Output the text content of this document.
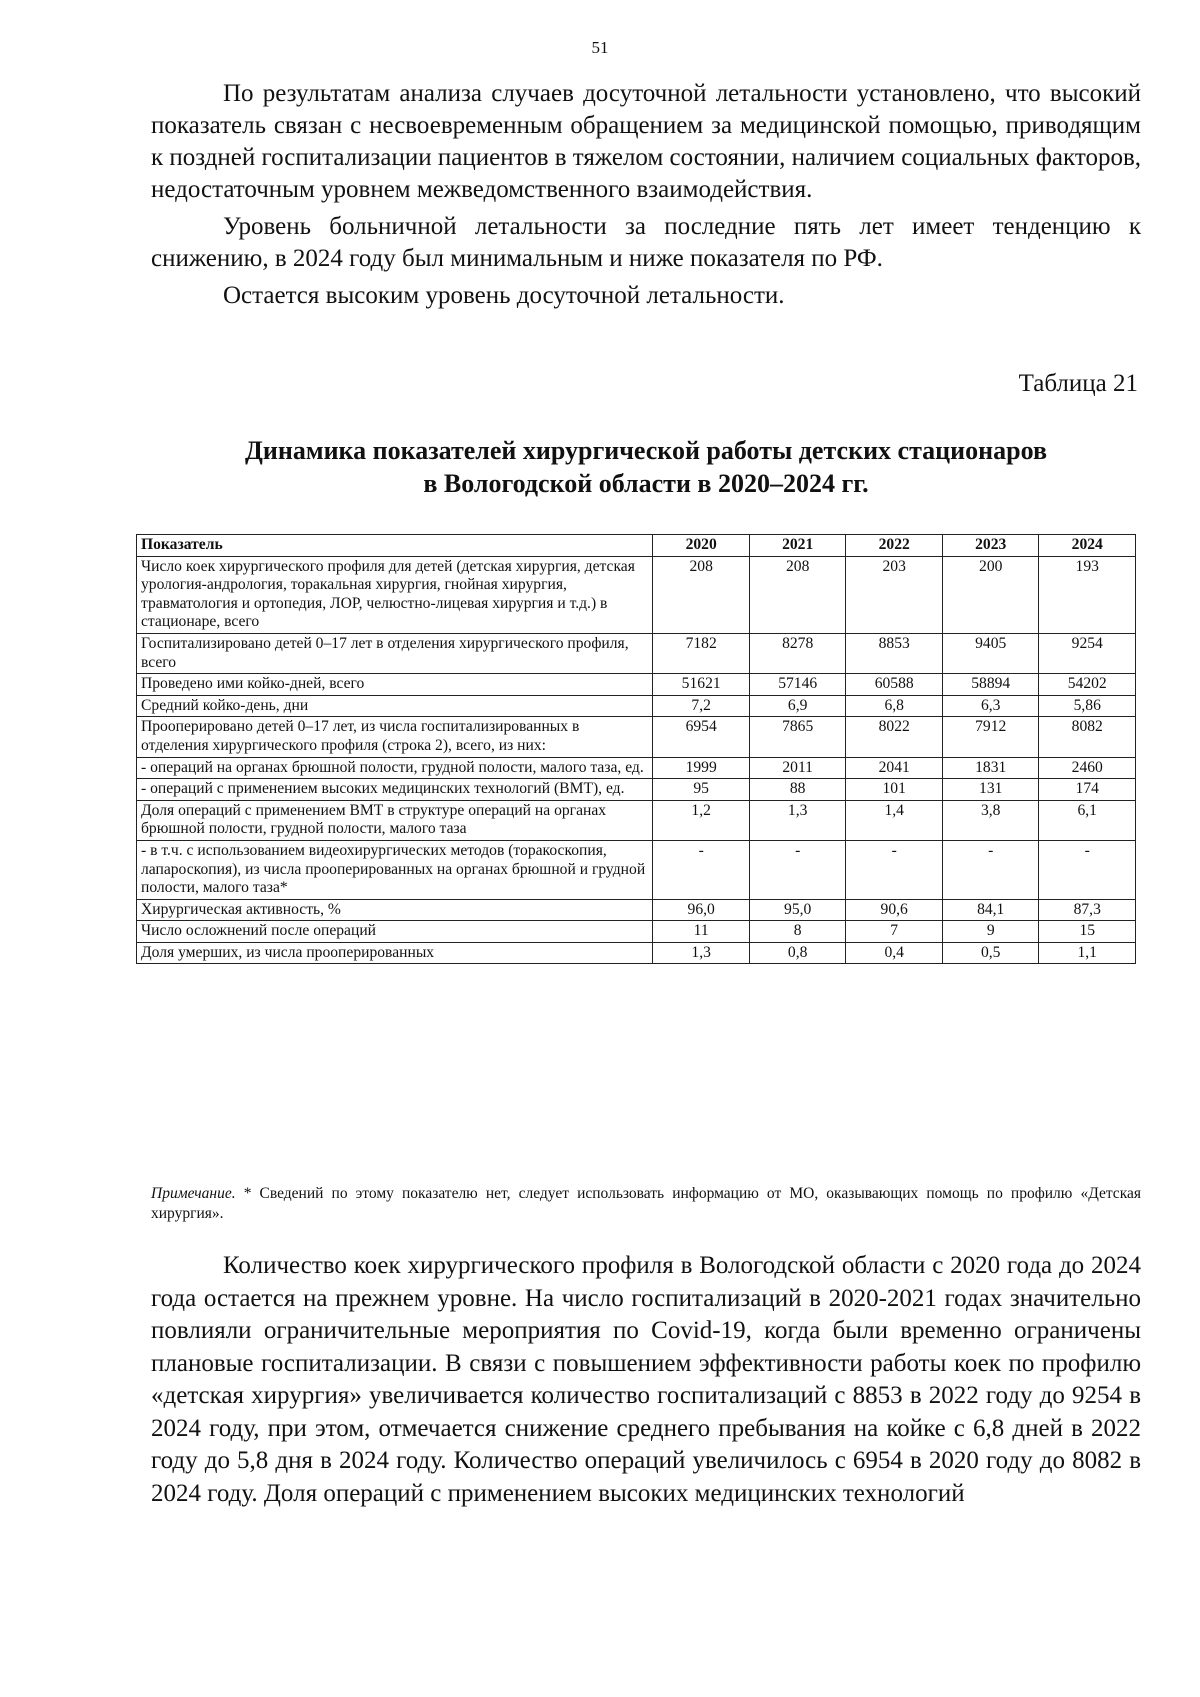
51

По результатам анализа случаев досуточной летальности установлено, что высокий показатель связан с несвоевременным обращением за медицинской помощью, приводящим к поздней госпитализации пациентов в тяжелом состоянии, наличием социальных факторов, недостаточным уровнем межведомственного взаимодействия.

Уровень больничной летальности за последние пять лет имеет тенденцию к снижению, в 2024 году был минимальным и ниже показателя по РФ.

Остается высоким уровень досуточной летальности.

Таблица 21
Динамика показателей хирургической работы детских стационаров
в Вологодской области в 2020–2024 гг.
Показатель	2020	2021	2022	2023	2024
Число коек хирургического профиля для детей (детская хирургия, детская урология-андрология, торакальная хирургия, гнойная хирургия, травматология и ортопедия, ЛОР, челюстно-лицевая хирургия и т.д.) в стационаре, всего	208	208	203	200	193
Госпитализировано детей 0–17 лет в отделения хирургического профиля, всего	7182	8278	8853	9405	9254
Проведено ими койко-дней, всего	51621	57146	60588	58894	54202
Средний койко-день, дни	7,2	6,9	6,8	6,3	5,86
Прооперировано детей 0–17 лет, из числа госпитализированных в отделения хирургического профиля (строка 2), всего, из них:	6954	7865	8022	7912	8082
- операций на органах брюшной полости, грудной полости, малого таза, ед.	1999	2011	2041	1831	2460
- операций с применением высоких медицинских технологий (ВМТ), ед.	95	88	101	131	174
Доля операций с применением ВМТ в структуре операций на органах брюшной полости, грудной полости, малого таза	1,2	1,3	1,4	3,8	6,1
- в т.ч. с использованием видеохирургических методов (торакоскопия, лапароскопия), из числа прооперированных на органах брюшной и грудной полости, малого таза*	-	-	-	-	-
Хирургическая активность, %	96,0	95,0	90,6	84,1	87,3
Число осложнений после операций	11	8	7	9	15
Доля умерших, из числа прооперированных	1,3	0,8	0,4	0,5	1,1
Примечание. * Сведений по этому показателю нет, следует использовать информацию от МО, оказывающих помощь по профилю «Детская хирургия».

Количество коек хирургического профиля в Вологодской области с 2020 года до 2024 года остается на прежнем уровне. На число госпитализаций в 2020-2021 годах значительно повлияли ограничительные мероприятия по Covid-19, когда были временно ограничены плановые госпитализации. В связи с повышением эффективности работы коек по профилю «детская хирургия» увеличивается количество госпитализаций с 8853 в 2022 году до 9254 в 2024 году, при этом, отмечается снижение среднего пребывания на койке с 6,8 дней в 2022 году до 5,8 дня в 2024 году. Количество операций увеличилось с 6954 в 2020 году до 8082 в 2024 году. Доля операций с применением высоких медицинских технологий
